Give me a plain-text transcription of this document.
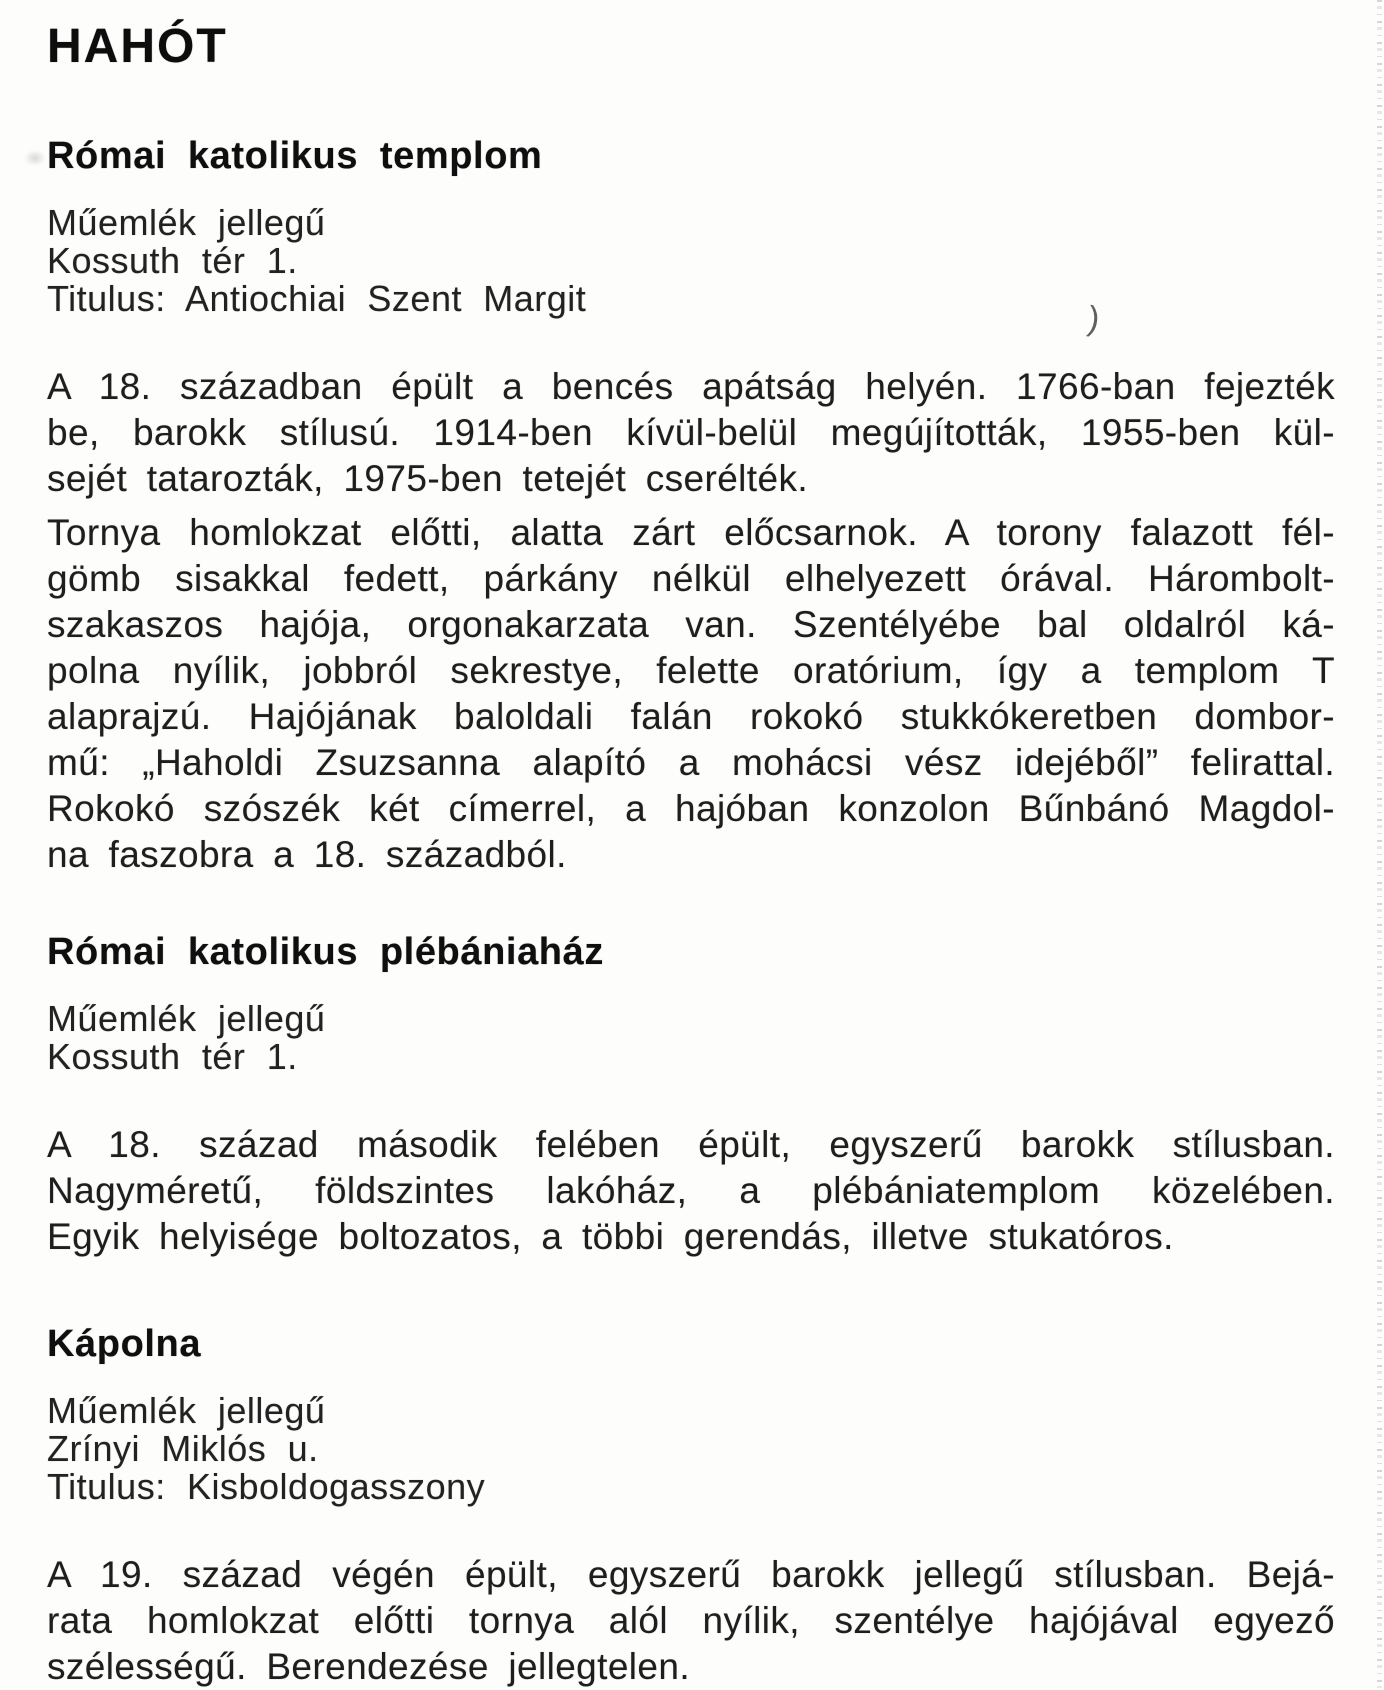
HAHÓT
Római katolikus templom
Műemlék jellegű
Kossuth tér 1.
Titulus: Antiochiai Szent Margit
A 18. században épült a bencés apátság helyén. 1766-ban fejezték
be, barokk stílusú. 1914-ben kívül-belül megújították, 1955-ben kül-
sejét tatarozták, 1975-ben tetejét cserélték.
Tornya homlokzat előtti, alatta zárt előcsarnok. A torony falazott fél-
gömb sisakkal fedett, párkány nélkül elhelyezett órával. Hárombolt-
szakaszos hajója, orgonakarzata van. Szentélyébe bal oldalról ká-
polna nyílik, jobbról sekrestye, felette oratórium, így a templom T
alaprajzú. Hajójának baloldali falán rokokó stukkókeretben dombor-
mű: „Haholdi Zsuzsanna alapító a mohácsi vész idejéből” felirattal.
Rokokó szószék két címerrel, a hajóban konzolon Bűnbánó Magdol-
na faszobra a 18. századból.
Római katolikus plébániaház
Műemlék jellegű
Kossuth tér 1.
A 18. század második felében épült, egyszerű barokk stílusban.
Nagyméretű, földszintes lakóház, a plébániatemplom közelében.
Egyik helyisége boltozatos, a többi gerendás, illetve stukatóros.
Kápolna
Műemlék jellegű
Zrínyi Miklós u.
Titulus: Kisboldogasszony
A 19. század végén épült, egyszerű barokk jellegű stílusban. Bejá-
rata homlokzat előtti tornya alól nyílik, szentélye hajójával egyező
szélességű. Berendezése jellegtelen.
)
